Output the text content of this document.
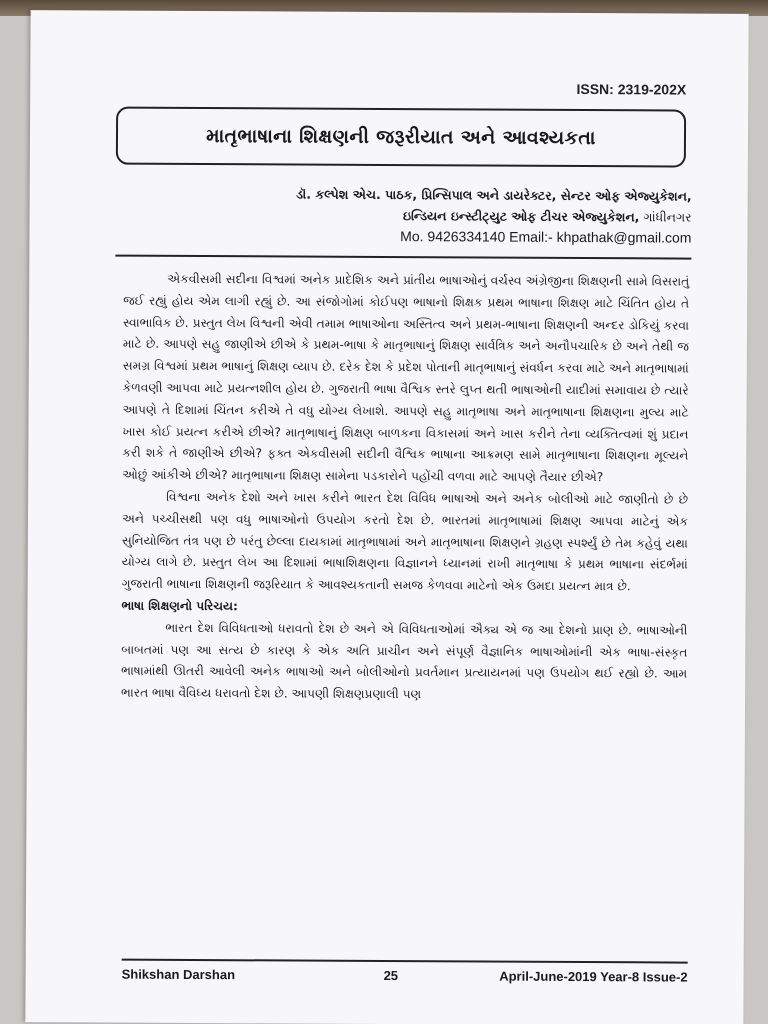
ISSN: 2319-202X
માતૃભાષાના શિક્ષણની જરૂરીયાત અને આવશ્યકતા
ડૉ. કલ્પેશ એચ. પાઠક, પ્રિન્સિપાલ અને ડાયરેક્ટર, સેન્ટર ઓફ એજ્યુકેશન,
ઇન્ડિયન ઇન્સ્ટીટ્યુટ ઓફ ટીચર એજ્યુકેશન, ગાંધીનગર
Mo. 9426334140 Email:- khpathak@gmail.com

એકવીસમી સદીના વિશ્વમાં અનેક પ્રાદેશિક અને પ્રાંતીય ભાષાઓનું વર્ચસ્વ અંગ્રેજીના શિક્ષણની સામે વિસરાતું જઈ રહ્યું હોય એમ લાગી રહ્યું છે. આ સંજોગોમાં કોઈપણ ભાષાનો શિક્ષક પ્રથમ ભાષાના શિક્ષણ માટે ચિંતિત હોય તે સ્વાભાવિક છે. પ્રસ્તુત લેખ વિશ્વની એવી તમામ ભાષાઓના અસ્તિત્વ અને પ્રથમ-ભાષાના શિક્ષણની અન્દર ડોકિયું કરવા માટે છે. આપણે સહુ જાણીએ છીએ કે પ્રથમ-ભાષા કે માતૃભાષાનું શિક્ષણ સાર્વત્રિક અને અનૌપચારિક છે અને તેથી જ સમગ્ર વિશ્વમાં પ્રથમ ભાષાનું શિક્ષણ વ્યાપ છે. દરેક દેશ કે પ્રદેશ પોતાની માતૃભાષાનું સંવર્ધન કરવા માટે અને માતૃભાષામાં કેળવણી આપવા માટે પ્રયત્નશીલ હોય છે. ગુજરાતી ભાષા વૈશ્વિક સ્તરે લુપ્ત થતી ભાષાઓની યાદીમાં સમાવાય છે ત્યારે આપણે તે દિશામાં ચિંતન કરીએ તે વધુ યોગ્ય લેખાશે. આપણે સહુ માતૃભાષા અને માતૃભાષાના શિક્ષણના મુલ્ય માટે ખાસ કોઈ પ્રયત્ન કરીએ છીએ? માતૃભાષાનું શિક્ષણ બાળકના વિકાસમાં અને ખાસ કરીને તેના વ્યક્તિત્વમાં શું પ્રદાન કરી શકે તે જાણીએ છીએ? ફક્ત એકવીસમી સદીની વૈશ્વિક ભાષાના આક્રમણ સામે માતૃભાષાના શિક્ષણના મૂલ્યને ઓછું આંકીએ છીએ? માતૃભાષાના શિક્ષણ સામેના પડકારોને પહોંચી વળવા માટે આપણે તૈયાર છીએ?

વિશ્વના અનેક દેશો અને ખાસ કરીને ભારત દેશ વિવિધ ભાષાઓ અને અનેક બોલીઓ માટે જાણીતો છે છે અને પચ્ચીસથી પણ વધુ ભાષાઓનો ઉપયોગ કરતો દેશ છે. ભારતમાં માતૃભાષામાં શિક્ષણ આપવા માટેનું એક સુનિયોજિત તંત્ર પણ છે પરંતુ છેલ્લા દાયકામાં માતૃભાષામાં અને માતૃભાષાના શિક્ષણને ગ્રહણ સ્પર્શ્યું છે તેમ કહેવું યથા યોગ્ય લાગે છે. પ્રસ્તુત લેખ આ દિશામાં ભાષાશિક્ષણના વિજ્ઞાનને ધ્યાનમાં રાખી માતૃભાષા કે પ્રથમ ભાષાના સંદર્ભમાં ગુજરાતી ભાષાના શિક્ષણની જરૂરિયાત કે આવશ્યકતાની સમજ કેળવવા માટેનો એક ઉમદા પ્રયત્ન માત્ર છે.

ભાષા શિક્ષણનો પરિચય:

ભારત દેશ વિવિધતાઓ ધરાવતો દેશ છે અને એ વિવિધતાઓમાં ઐક્ય એ જ આ દેશનો પ્રાણ છે. ભાષાઓની બાબતમાં પણ આ સત્ય છે કારણ કે એક અતિ પ્રાચીન અને સંપૂર્ણ વૈજ્ઞાનિક ભાષાઓમાંની એક ભાષા-સંસ્કૃત ભાષામાંથી ઊતરી આવેલી અનેક ભાષાઓ અને બોલીઓનો પ્રવર્તમાન પ્રત્યાયનમાં પણ ઉપયોગ થઈ રહ્યો છે. આમ ભારત ભાષા વૈવિધ્ય ધરાવતો દેશ છે. આપણી શિક્ષણપ્રણાલી પણ

Shikshan Darshan	25	April-June-2019 Year-8 Issue-2
